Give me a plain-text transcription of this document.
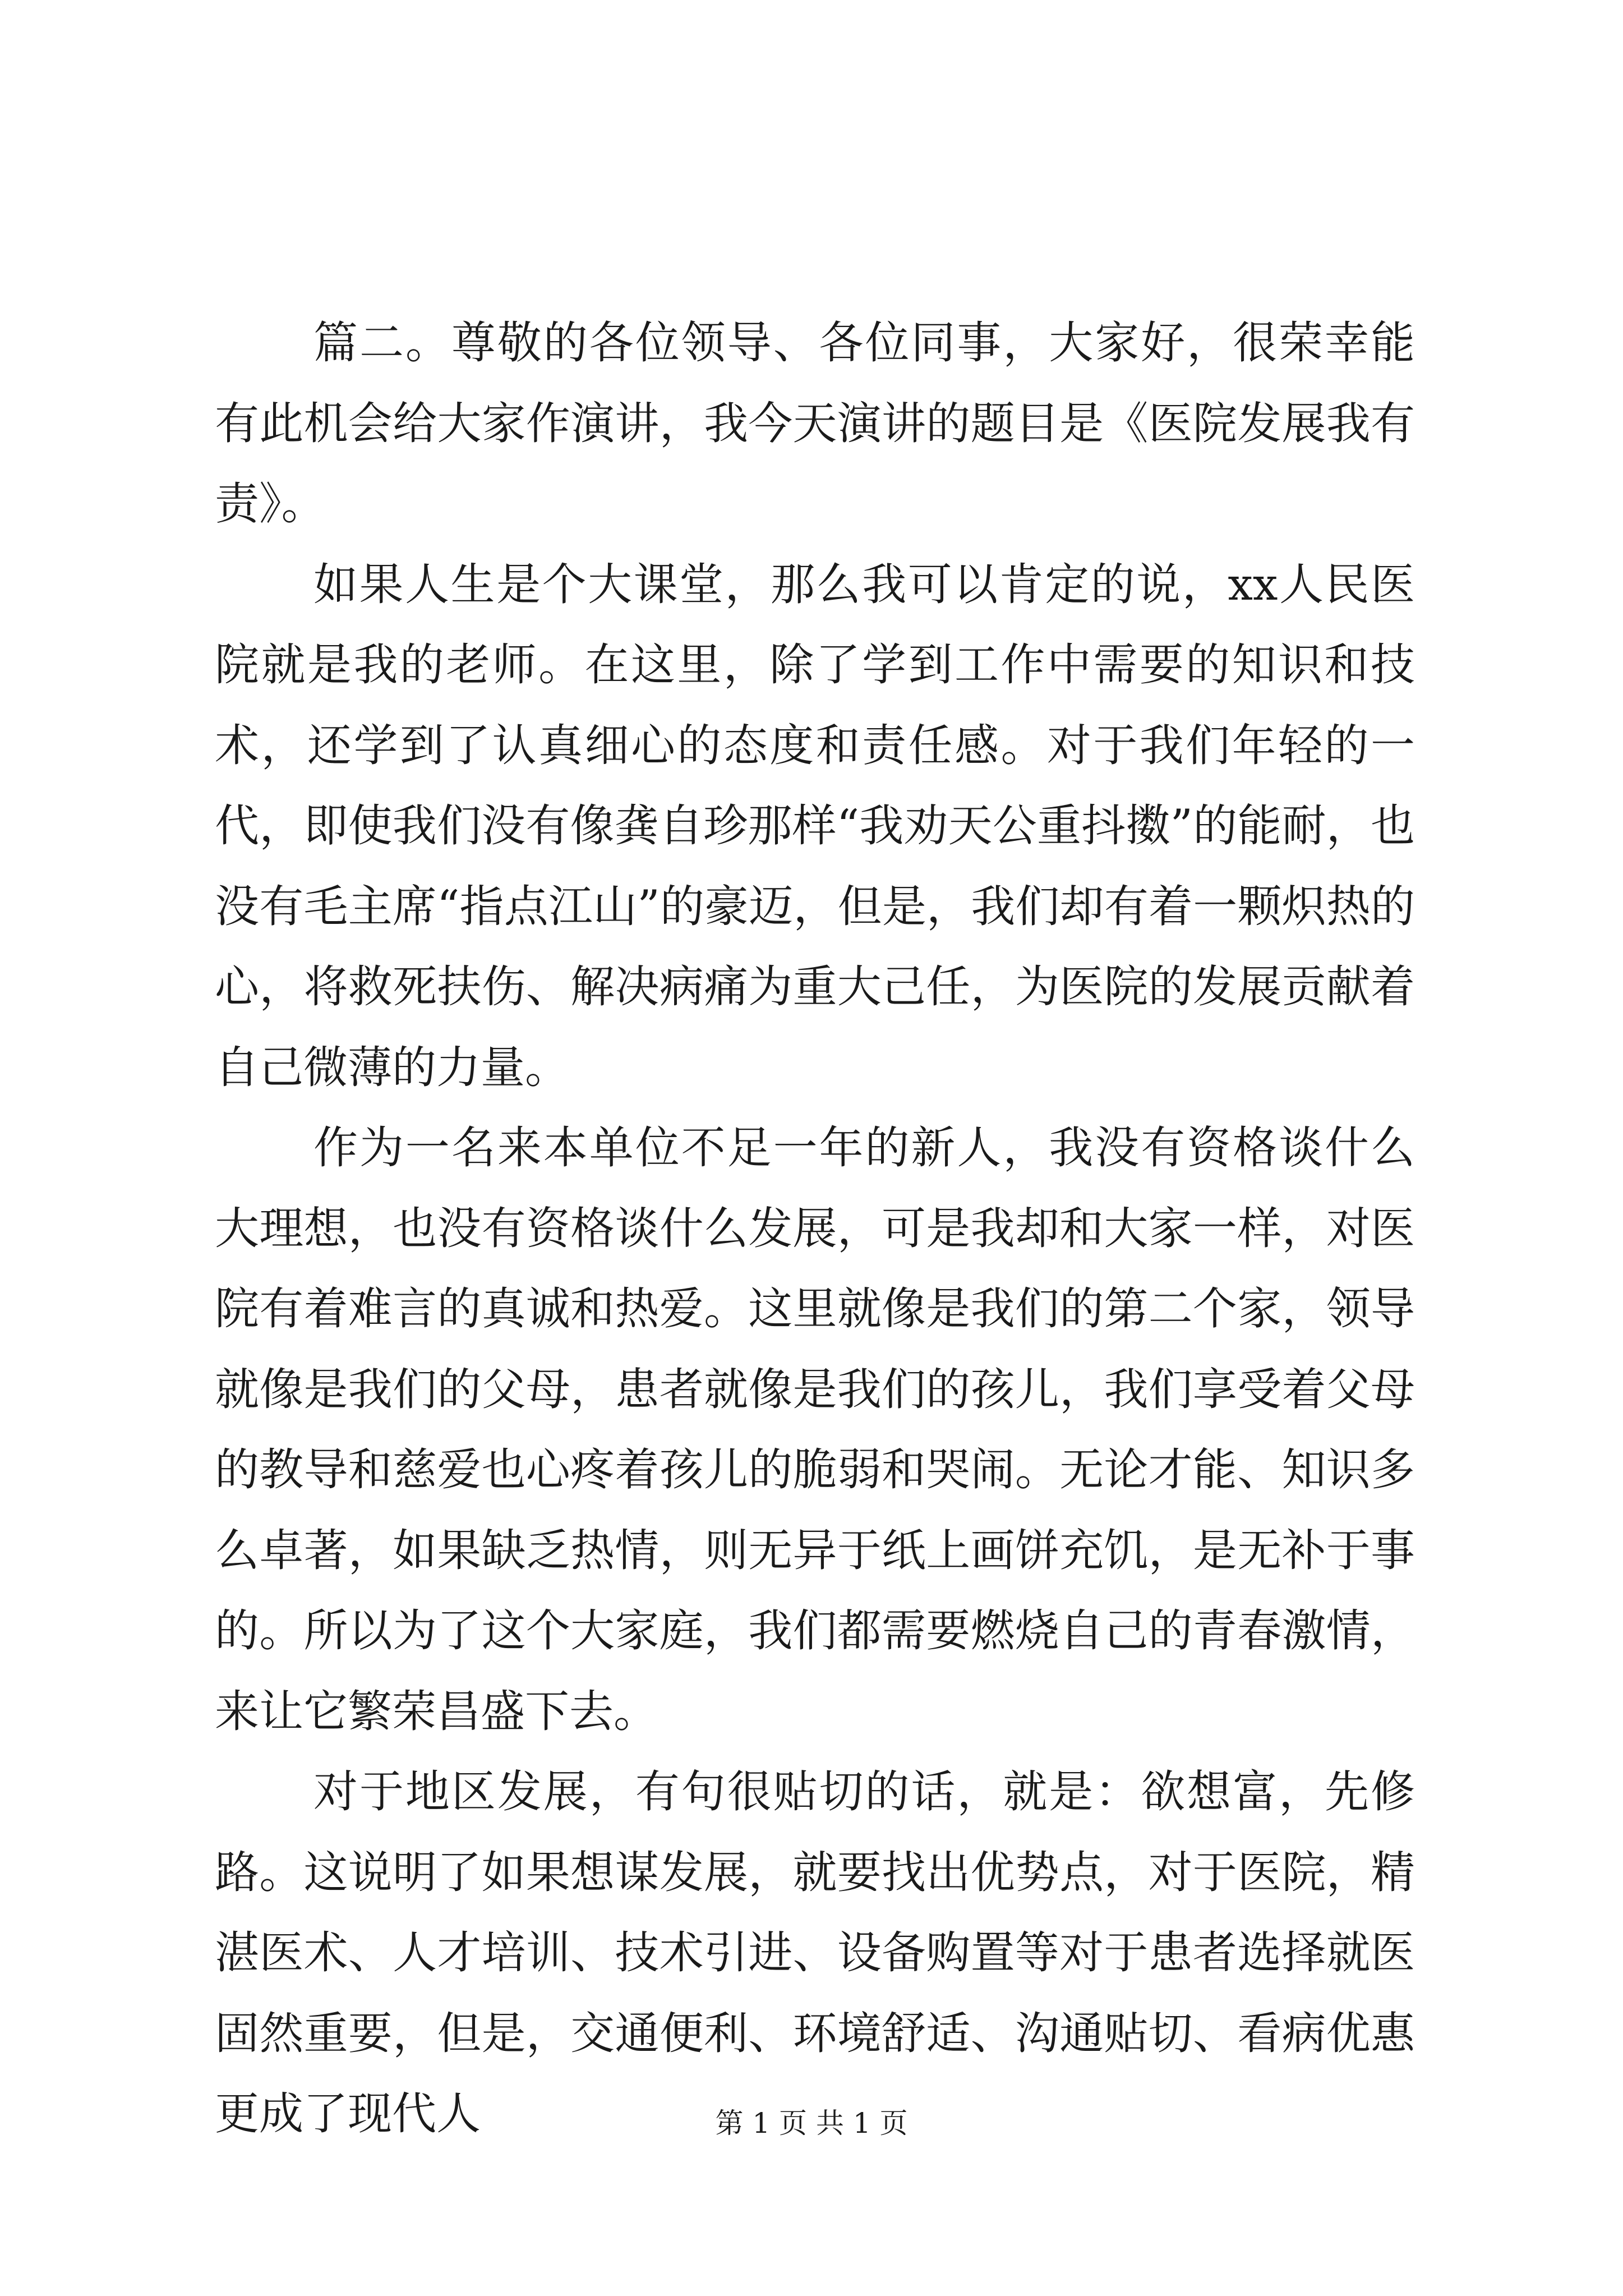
篇二。尊敬的各位领导、各位同事，大家好，很荣幸能有此机会给大家作演讲，我今天演讲的题目是《医院发展我有责》。

如果人生是个大课堂，那么我可以肯定的说，xx人民医院就是我的老师。在这里，除了学到工作中需要的知识和技术，还学到了认真细心的态度和责任感。对于我们年轻的一代，即使我们没有像龚自珍那样“我劝天公重抖擞”的能耐，也没有毛主席“指点江山”的豪迈，但是，我们却有着一颗炽热的心，将救死扶伤、解决病痛为重大己任，为医院的发展贡献着自己微薄的力量。

作为一名来本单位不足一年的新人，我没有资格谈什么大理想，也没有资格谈什么发展，可是我却和大家一样，对医院有着难言的真诚和热爱。这里就像是我们的第二个家，领导就像是我们的父母，患者就像是我们的孩儿，我们享受着父母的教导和慈爱也心疼着孩儿的脆弱和哭闹。无论才能、知识多么卓著，如果缺乏热情，则无异于纸上画饼充饥，是无补于事的。所以为了这个大家庭，我们都需要燃烧自己的青春激情，来让它繁荣昌盛下去。

对于地区发展，有句很贴切的话，就是：欲想富，先修路。这说明了如果想谋发展，就要找出优势点，对于医院，精湛医术、人才培训、技术引进、设备购置等对于患者选择就医固然重要，但是，交通便利、环境舒适、沟通贴切、看病优惠更成了现代人	第 1 页 共 1 页
